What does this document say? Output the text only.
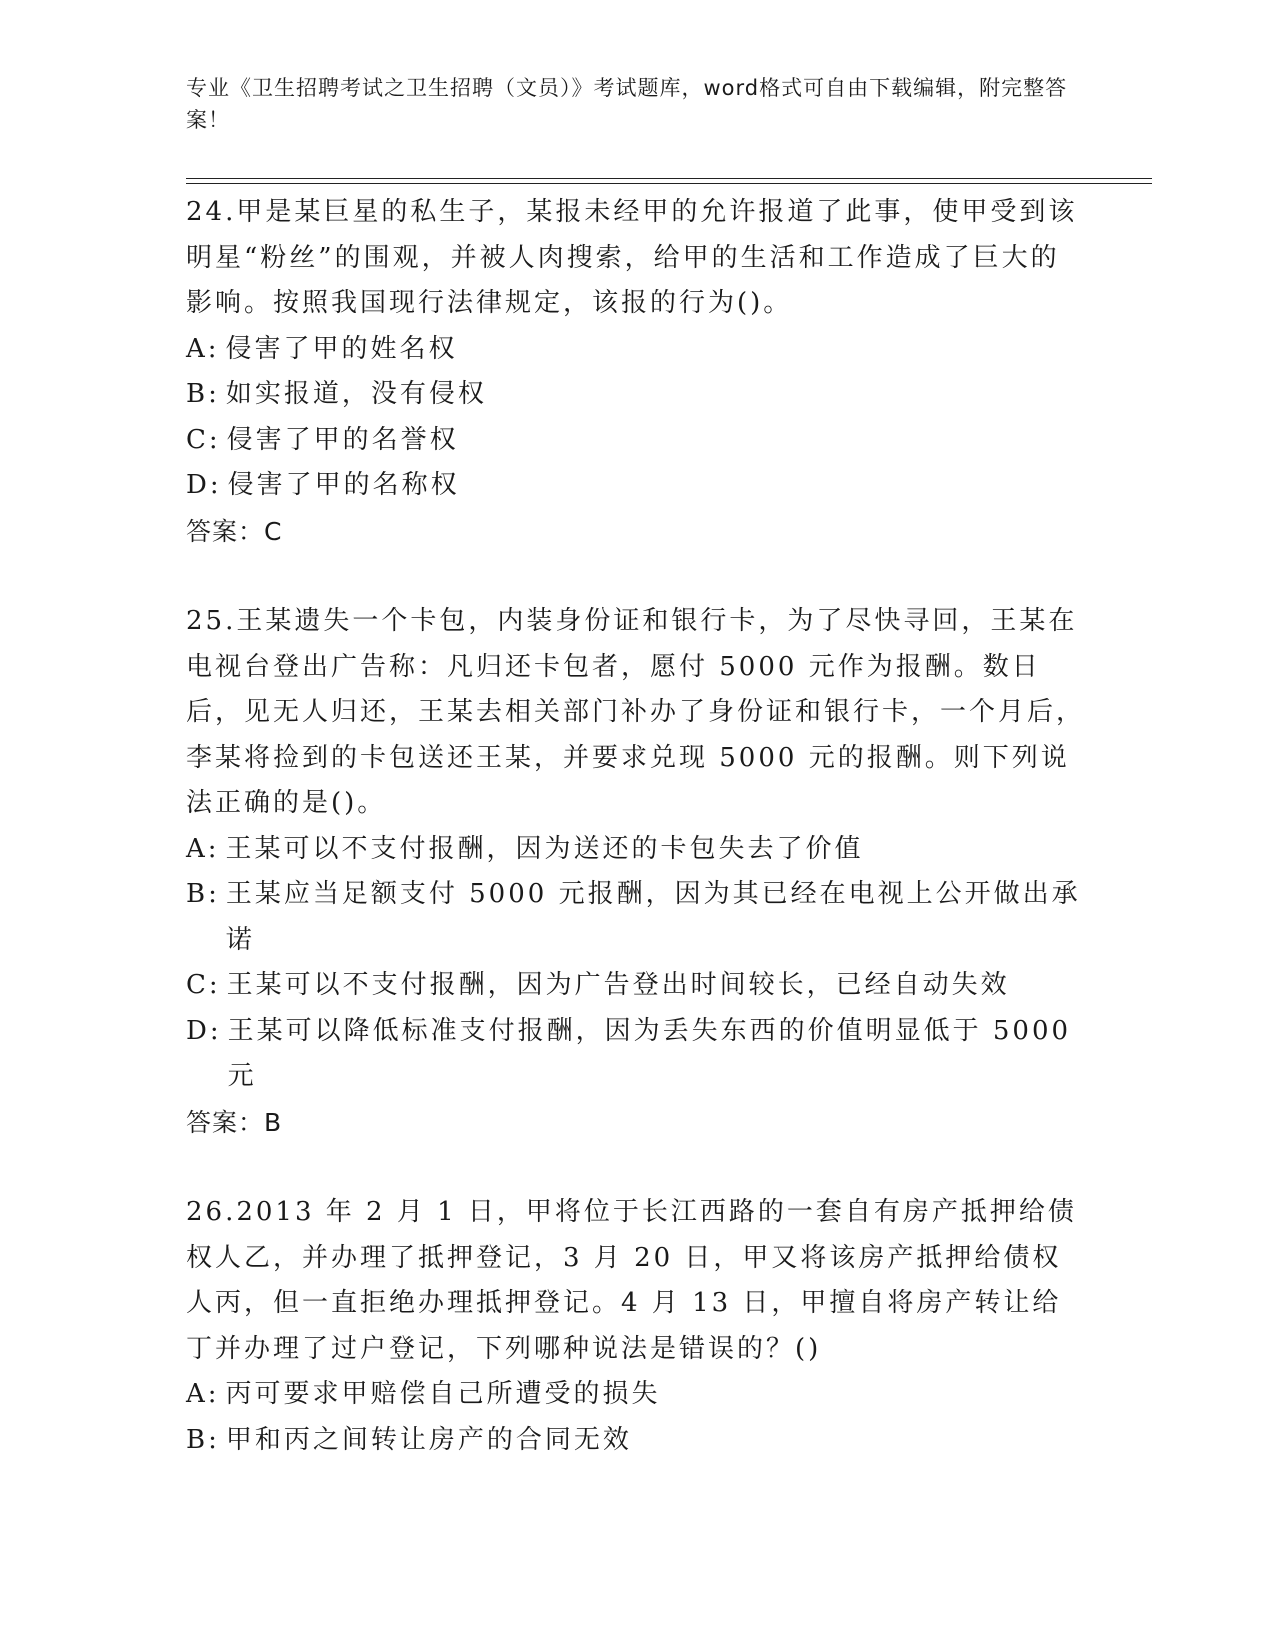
专业《卫生招聘考试之卫生招聘（文员）》考试题库，word格式可自由下载编辑，附完整答案！
24.甲是某巨星的私生子，某报未经甲的允许报道了此事，使甲受到该明星“粉丝”的围观，并被人肉搜索，给甲的生活和工作造成了巨大的影响。按照我国现行法律规定，该报的行为()。
A: 侵害了甲的姓名权
B: 如实报道，没有侵权
C: 侵害了甲的名誉权
D: 侵害了甲的名称权
答案：C
25.王某遗失一个卡包，内装身份证和银行卡，为了尽快寻回，王某在电视台登出广告称：凡归还卡包者，愿付 5000 元作为报酬。数日后，见无人归还，王某去相关部门补办了身份证和银行卡，一个月后，李某将捡到的卡包送还王某，并要求兑现 5000 元的报酬。则下列说法正确的是()。
A: 王某可以不支付报酬，因为送还的卡包失去了价值
B: 王某应当足额支付 5000 元报酬，因为其已经在电视上公开做出承诺
C: 王某可以不支付报酬，因为广告登出时间较长，已经自动失效
D: 王某可以降低标准支付报酬，因为丢失东西的价值明显低于 5000 元
答案：B
26.2013 年 2 月 1 日，甲将位于长江西路的一套自有房产抵押给债权人乙，并办理了抵押登记，3 月 20 日，甲又将该房产抵押给债权人丙，但一直拒绝办理抵押登记。4 月 13 日，甲擅自将房产转让给丁并办理了过户登记，下列哪种说法是错误的？()
A: 丙可要求甲赔偿自己所遭受的损失
B: 甲和丙之间转让房产的合同无效
